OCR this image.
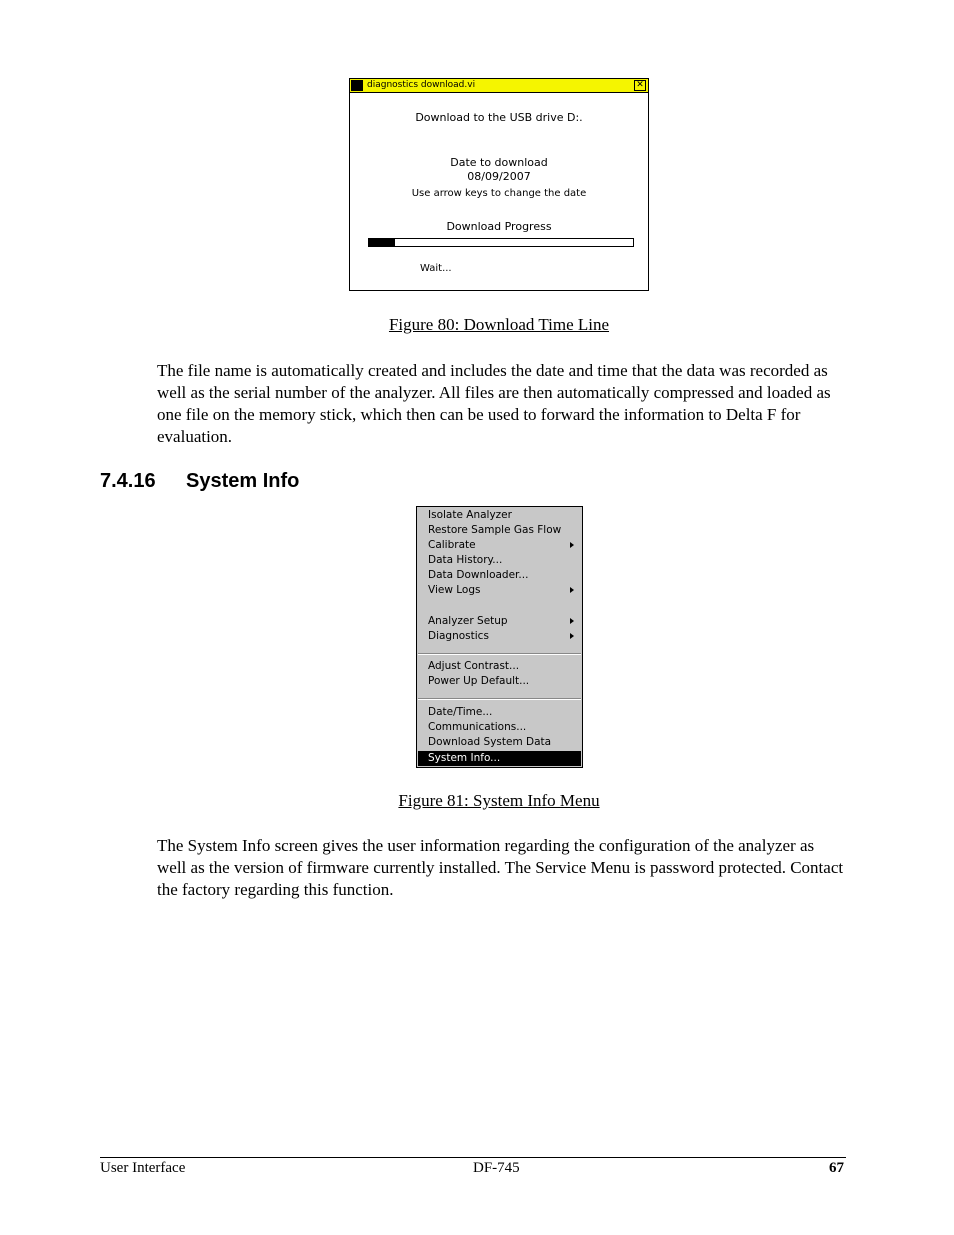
diagnostics download.vi	✕
Download to the USB drive D:.
Date to download
08/09/2007
Use arrow keys to change the date
Download Progress
Wait...
Figure 80: Download Time Line
The file name is automatically created and includes the date and time that the data was recorded as well as the serial number of the analyzer. All files are then automatically compressed and loaded as one file on the memory stick, which then can be used to forward the information to Delta F for evaluation.
7.4.16 System Info
Isolate Analyzer
Restore Sample Gas Flow
Calibrate
Data History...
Data Downloader...
View Logs
Analyzer Setup
Diagnostics
Adjust Contrast...
Power Up Default...
Date/Time...
Communications...
Download System Data
System Info...
Figure 81: System Info Menu
The System Info screen gives the user information regarding the configuration of the analyzer as well as the version of firmware currently installed. The Service Menu is password protected. Contact the factory regarding this function.
User Interface	DF-745	67
